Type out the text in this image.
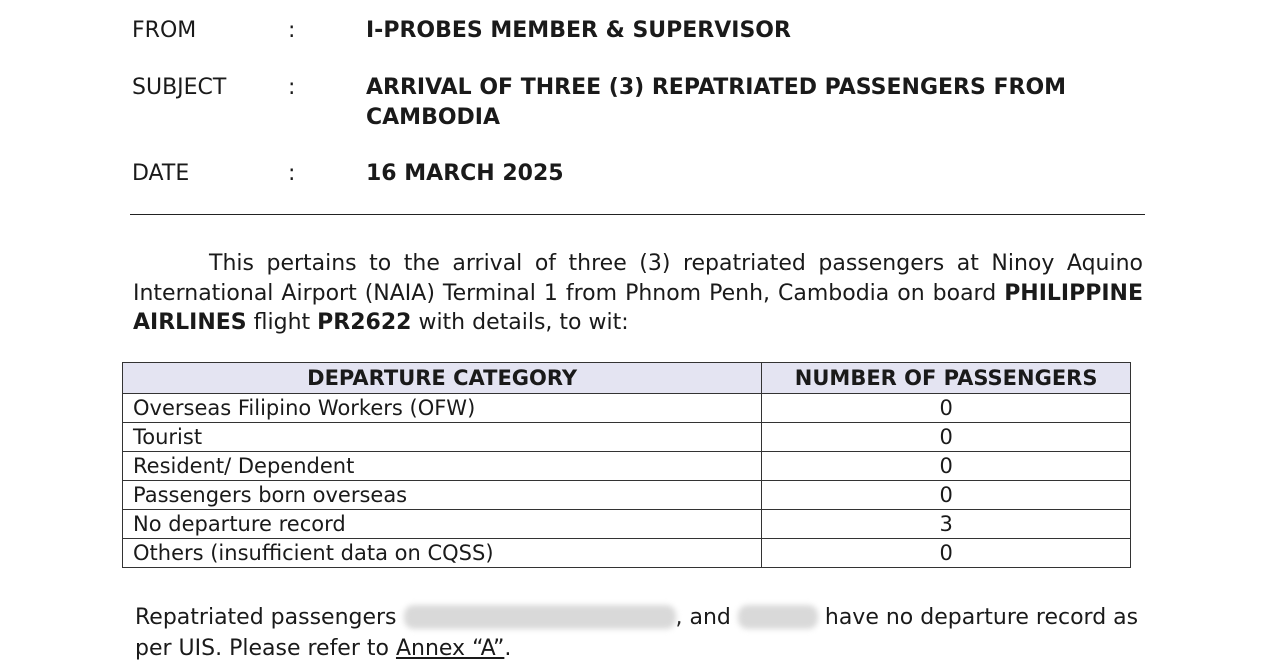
FROM	:	I-PROBES MEMBER & SUPERVISOR
SUBJECT	:	ARRIVAL OF THREE (3) REPATRIATED PASSENGERS FROM CAMBODIA
DATE	:	16 MARCH 2025
This pertains to the arrival of three (3) repatriated passengers at Ninoy Aquino International Airport (NAIA) Terminal 1 from Phnom Penh, Cambodia on board PHILIPPINE AIRLINES flight PR2622 with details, to wit:
DEPARTURE CATEGORY	NUMBER OF PASSENGERS
Overseas Filipino Workers (OFW)	0
Tourist	0
Resident/ Dependent	0
Passengers born overseas	0
No departure record	3
Others (insufficient data on CQSS)	0
Repatriated passengers	, and	have no departure record as per UIS. Please refer to Annex “A”.
